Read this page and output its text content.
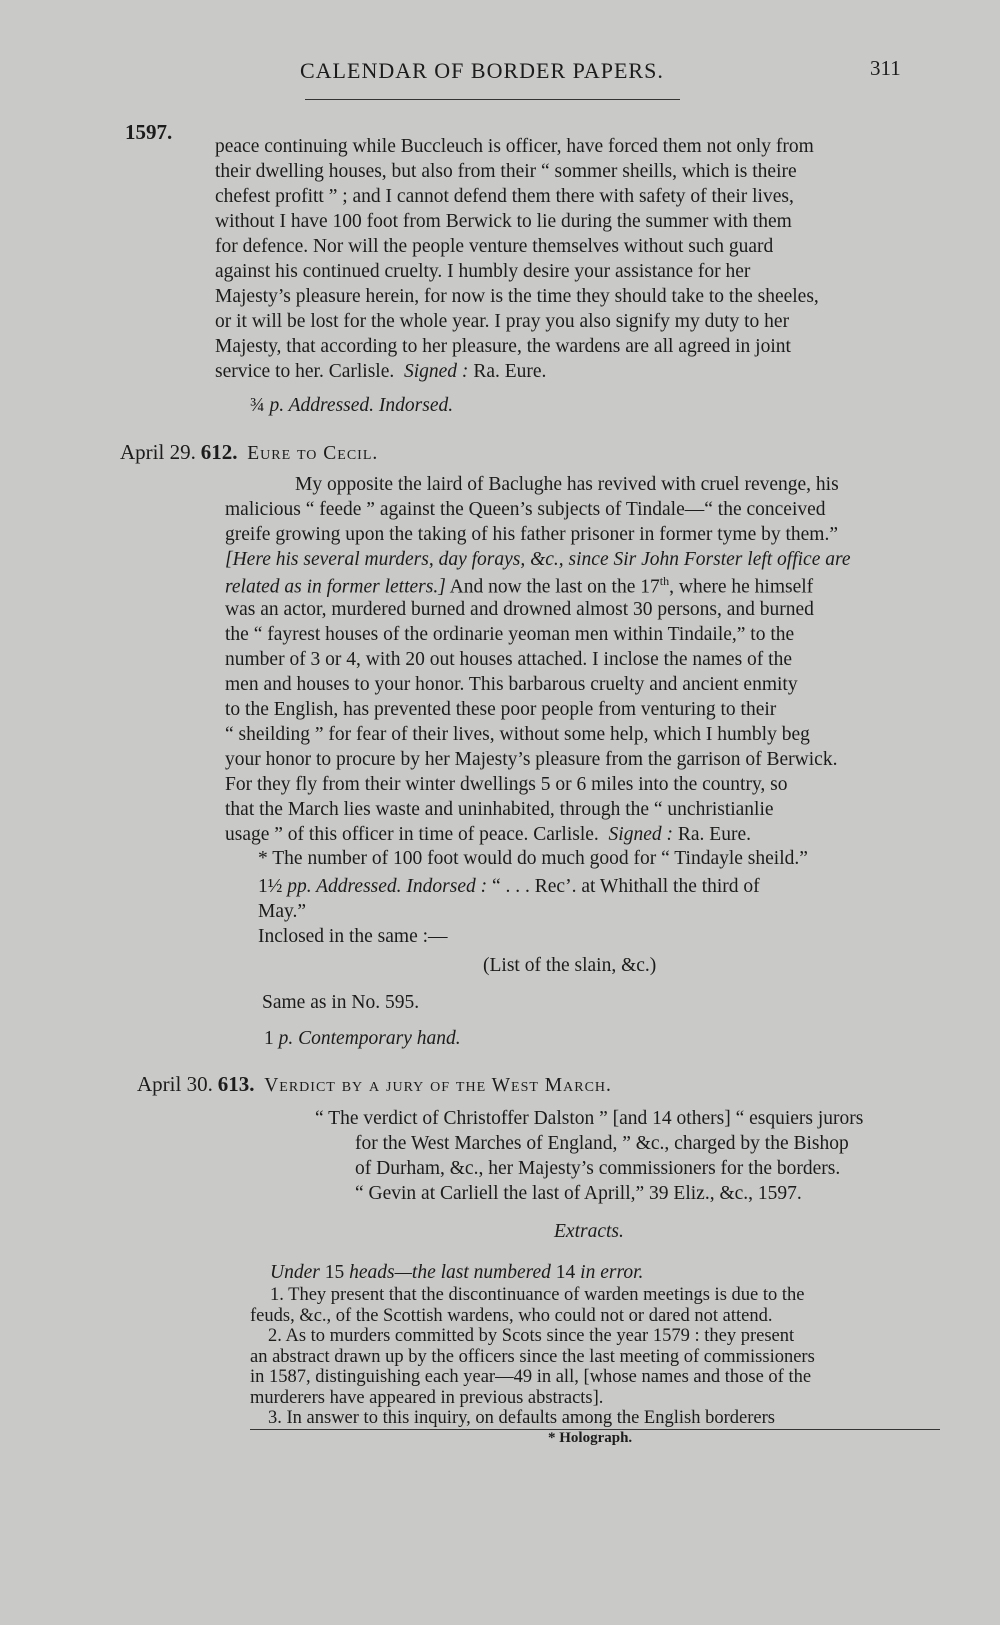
CALENDAR OF BORDER PAPERS.	311
1597.
peace continuing while Buccleuch is officer, have forced them not only from
their dwelling houses, but also from their “ sommer sheills, which is theire
chefest profitt ” ; and I cannot defend them there with safety of their lives,
without I have 100 foot from Berwick to lie during the summer with them
for defence. Nor will the people venture themselves without such guard
against his continued cruelty. I humbly desire your assistance for her
Majesty’s pleasure herein, for now is the time they should take to the sheeles,
or it will be lost for the whole year. I pray you also signify my duty to her
Majesty, that according to her pleasure, the wardens are all agreed in joint
service to her. Carlisle. Signed : Ra. Eure.
¾ p. Addressed. Indorsed.
April 29. 612. Eure to Cecil.
My opposite the laird of Baclughe has revived with cruel revenge, his
malicious “ feede ” against the Queen’s subjects of Tindale—“ the conceived
greife growing upon the taking of his father prisoner in former tyme by them.”
[Here his several murders, day forays, &c., since Sir John Forster left office are
related as in former letters.] And now the last on the 17th, where he himself
was an actor, murdered burned and drowned almost 30 persons, and burned
the “ fayrest houses of the ordinarie yeoman men within Tindaile,” to the
number of 3 or 4, with 20 out houses attached. I inclose the names of the
men and houses to your honor. This barbarous cruelty and ancient enmity
to the English, has prevented these poor people from venturing to their
“ sheilding ” for fear of their lives, without some help, which I humbly beg
your honor to procure by her Majesty’s pleasure from the garrison of Berwick.
For they fly from their winter dwellings 5 or 6 miles into the country, so
that the March lies waste and uninhabited, through the “ unchristianlie
usage ” of this officer in time of peace. Carlisle. Signed : Ra. Eure.
* The number of 100 foot would do much good for “ Tindayle sheild.”
1½ pp. Addressed. Indorsed : “ . . . Rec’. at Whithall the third of
May.”
Inclosed in the same :—
(List of the slain, &c.)
Same as in No. 595.
1 p. Contemporary hand.
April 30. 613. Verdict by a jury of the West March.
“ The verdict of Christoffer Dalston ” [and 14 others] “ esquiers jurors
for the West Marches of England, ” &c., charged by the Bishop
of Durham, &c., her Majesty’s commissioners for the borders.
“ Gevin at Carliell the last of Aprill,” 39 Eliz., &c., 1597.
Extracts.
Under 15 heads—the last numbered 14 in error.
1. They present that the discontinuance of warden meetings is due to the
feuds, &c., of the Scottish wardens, who could not or dared not attend.
2. As to murders committed by Scots since the year 1579 : they present
an abstract drawn up by the officers since the last meeting of commissioners
in 1587, distinguishing each year—49 in all, [whose names and those of the
* Holograph.
murderers have appeared in previous abstracts].
3. In answer to this inquiry, on defaults among the English borderers
